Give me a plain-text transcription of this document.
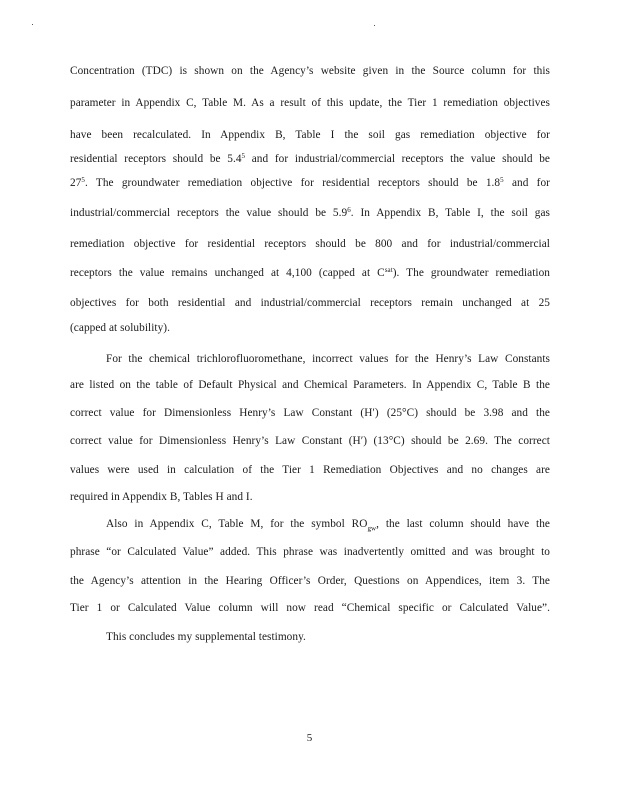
Concentration (TDC) is shown on the Agency’s website given in the Source column for this
parameter in Appendix C, Table M. As a result of this update, the Tier 1 remediation objectives
have been recalculated. In Appendix B, Table I the soil gas remediation objective for
residential receptors should be $5.4^5$ and for industrial/commercial receptors the value should be
$27^5$. The groundwater remediation objective for residential receptors should be $1.8^5$ and for
industrial/commercial receptors the value should be $5.9^6$. In Appendix B, Table I, the soil gas
remediation objective for residential receptors should be 800 and for industrial/commercial
receptors the value remains unchanged at 4,100 (capped at $C^{sat}$). The groundwater remediation
objectives for both residential and industrial/commercial receptors remain unchanged at 25
(capped at solubility).
For the chemical trichlorofluoromethane, incorrect values for the Henry’s Law Constants
are listed on the table of Default Physical and Chemical Parameters. In Appendix C, Table B the
correct value for Dimensionless Henry’s Law Constant (H′) (25°C) should be 3.98 and the
correct value for Dimensionless Henry’s Law Constant (H′) (13°C) should be 2.69. The correct
values were used in calculation of the Tier 1 Remediation Objectives and no changes are
required in Appendix B, Tables H and I.
Also in Appendix C, Table M, for the symbol $RO_{gw}$, the last column should have the
phrase “or Calculated Value” added. This phrase was inadvertently omitted and was brought to
the Agency’s attention in the Hearing Officer’s Order, Questions on Appendices, item 3. The
Tier 1 or Calculated Value column will now read “Chemical specific or Calculated Value”.
This concludes my supplemental testimony.
5
